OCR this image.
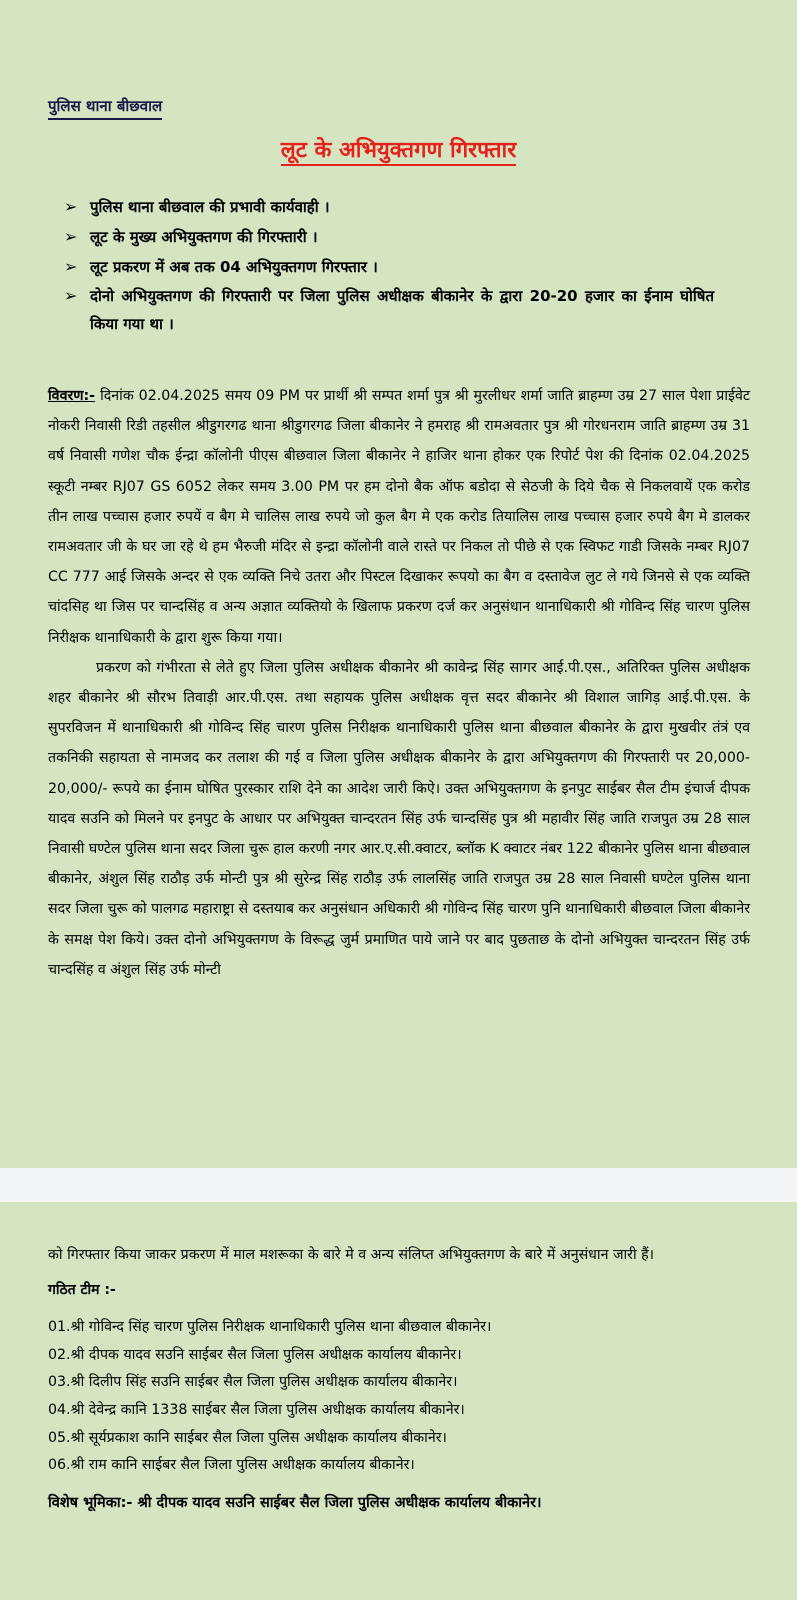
पुलिस थाना बीछवाल
लूट के अभियुक्तगण गिरफ्तार
➢ पुलिस थाना बीछवाल की प्रभावी कार्यवाही ।
➢ लूट के मुख्य अभियुक्तगण की गिरफ्तारी ।
➢ लूट प्रकरण में अब तक 04 अभियुक्तगण गिरफ्तार ।
➢ दोनो अभियुक्तगण की गिरफ्तारी पर जिला पुलिस अधीक्षक बीकानेर के द्वारा 20-20 हजार का ईनाम घोषित किया गया था ।

विवरण:- दिनांक 02.04.2025 समय 09 PM पर प्रार्थी श्री सम्पत शर्मा पुत्र श्री मुरलीधर शर्मा जाति ब्राहम्ण उम्र 27 साल पेशा प्राईवेट नोकरी निवासी रिडी तहसील श्रीडुगरगढ थाना श्रीडुगरगढ जिला बीकानेर ने हमराह श्री रामअवतार पुत्र श्री गोरधनराम जाति ब्राहम्ण उम्र 31 वर्ष निवासी गणेश चौक ईन्द्रा कॉलोनी पीएस बीछवाल जिला बीकानेर ने हाजिर थाना होकर एक रिपोर्ट पेश की दिनांक 02.04.2025 स्कूटी नम्बर RJ07 GS 6052 लेकर समय 3.00 PM पर हम दोनो बैक ऑफ बडोदा से सेठजी के दिये चैक से निकलवायें एक करोड तीन लाख पच्चास हजार रुपयें व बैग मे चालिस लाख रुपये जो कुल बैग मे एक करोड तियालिस लाख पच्चास हजार रुपये बैग मे डालकर रामअवतार जी के घर जा रहे थे हम भैरुजी मंदिर से इन्द्रा कॉलोनी वाले रास्ते पर निकल तो पीछे से एक स्विफट गाडी जिसके नम्बर RJ07 CC 777 आई जिसके अन्दर से एक व्यक्ति निचे उतरा और पिस्टल दिखाकर रूपयो का बैग व दस्तावेज लुट ले गये जिनसे से एक व्यक्ति चांदसिह था जिस पर चान्दसिंह व अन्य अज्ञात व्यक्तियो के खिलाफ प्रकरण दर्ज कर अनुसंधान थानाधिकारी श्री गोविन्द सिंह चारण पुलिस निरीक्षक थानाधिकारी के द्वारा शुरू किया गया।

प्रकरण को गंभीरता से लेते हुए जिला पुलिस अधीक्षक बीकानेर श्री कावेन्द्र सिंह सागर आई.पी.एस., अतिरिक्त पुलिस अधीक्षक शहर बीकानेर श्री सौरभ तिवाड़ी आर.पी.एस. तथा सहायक पुलिस अधीक्षक वृत्त सदर बीकानेर श्री विशाल जागिड़ आई.पी.एस. के सुपरविजन में थानाधिकारी श्री गोविन्द सिंह चारण पुलिस निरीक्षक थानाधिकारी पुलिस थाना बीछवाल बीकानेर के द्वारा मुखवीर तंत्रं एव तकनिकी सहायता से नामजद कर तलाश की गई व जिला पुलिस अधीक्षक बीकानेर के द्वारा अभियुक्तगण की गिरफ्तारी पर 20,000-20,000/- रूपये का ईनाम घोषित पुरस्कार राशि देने का आदेश जारी किऐ। उक्त अभियुक्तगण के इनपुट साईबर सैल टीम इंचार्ज दीपक यादव सउनि को मिलने पर इनपुट के आधार पर अभियुक्त चान्दरतन सिंह उर्फ चान्दसिंह पुत्र श्री महावीर सिंह जाति राजपुत उम्र 28 साल निवासी घण्टेल पुलिस थाना सदर जिला चुरू हाल करणी नगर आर.ए.सी.क्वाटर, ब्लॉक K क्वाटर नंबर 122 बीकानेर पुलिस थाना बीछवाल बीकानेर, अंशुल सिंह राठौड़ उर्फ मोन्टी पुत्र श्री सुरेन्द्र सिंह राठौड़ उर्फ लालसिंह जाति राजपुत उम्र 28 साल निवासी घण्टेल पुलिस थाना सदर जिला चुरू को पालगढ महाराष्ट्रा से दस्तयाब कर अनुसंधान अधिकारी श्री गोविन्द सिंह चारण पुनि थानाधिकारी बीछवाल जिला बीकानेर के समक्ष पेश किये। उक्त दोनो अभियुक्तगण के विरूद्ध जुर्म प्रमाणित पाये जाने पर बाद पुछताछ के दोनो अभियुक्त चान्दरतन सिंह उर्फ चान्दसिंह व अंशुल सिंह उर्फ मोन्टी

को गिरफ्तार किया जाकर प्रकरण में माल मशरूका के बारे मे व अन्य संलिप्त अभियुक्तगण के बारे में अनुसंधान जारी हैं।

गठित टीम :-
01.श्री गोविन्द सिंह चारण पुलिस निरीक्षक थानाधिकारी पुलिस थाना बीछवाल बीकानेर।
02.श्री दीपक यादव सउनि साईबर सैल जिला पुलिस अधीक्षक कार्यालय बीकानेर।
03.श्री दिलीप सिंह सउनि साईबर सैल जिला पुलिस अधीक्षक कार्यालय बीकानेर।
04.श्री देवेन्द्र कानि 1338 साईबर सैल जिला पुलिस अधीक्षक कार्यालय बीकानेर।
05.श्री सूर्यप्रकाश कानि साईबर सैल जिला पुलिस अधीक्षक कार्यालय बीकानेर।
06.श्री राम कानि साईबर सैल जिला पुलिस अधीक्षक कार्यालय बीकानेर।
विशेष भूमिका:- श्री दीपक यादव सउनि साईबर सैल जिला पुलिस अधीक्षक कार्यालय बीकानेर।
